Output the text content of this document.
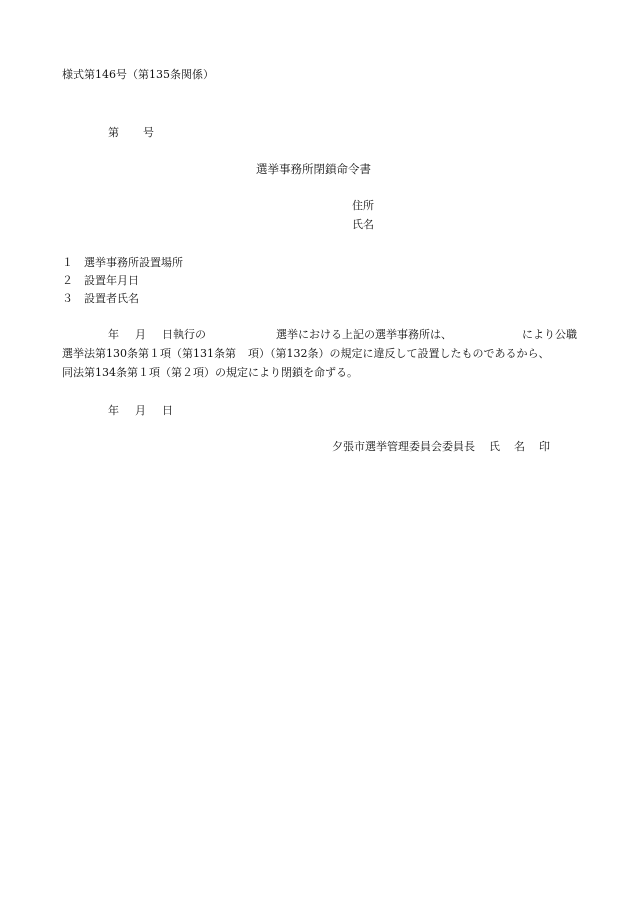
様式第146号（第135条関係）
第 号
選挙事務所閉鎖命令書
住所
氏名
１ 選挙事務所設置場所
２ 設置年月日
３ 設置者氏名
年 月 日執行の	選挙における上記の選挙事務所は、	により公職
選挙法第130条第１項（第131条第 項）（第132条）の規定に違反して設置したものであるから、
同法第134条第１項（第２項）の規定により閉鎖を命ずる。
年 月 日
夕張市選挙管理委員会委員長 氏 名 印
